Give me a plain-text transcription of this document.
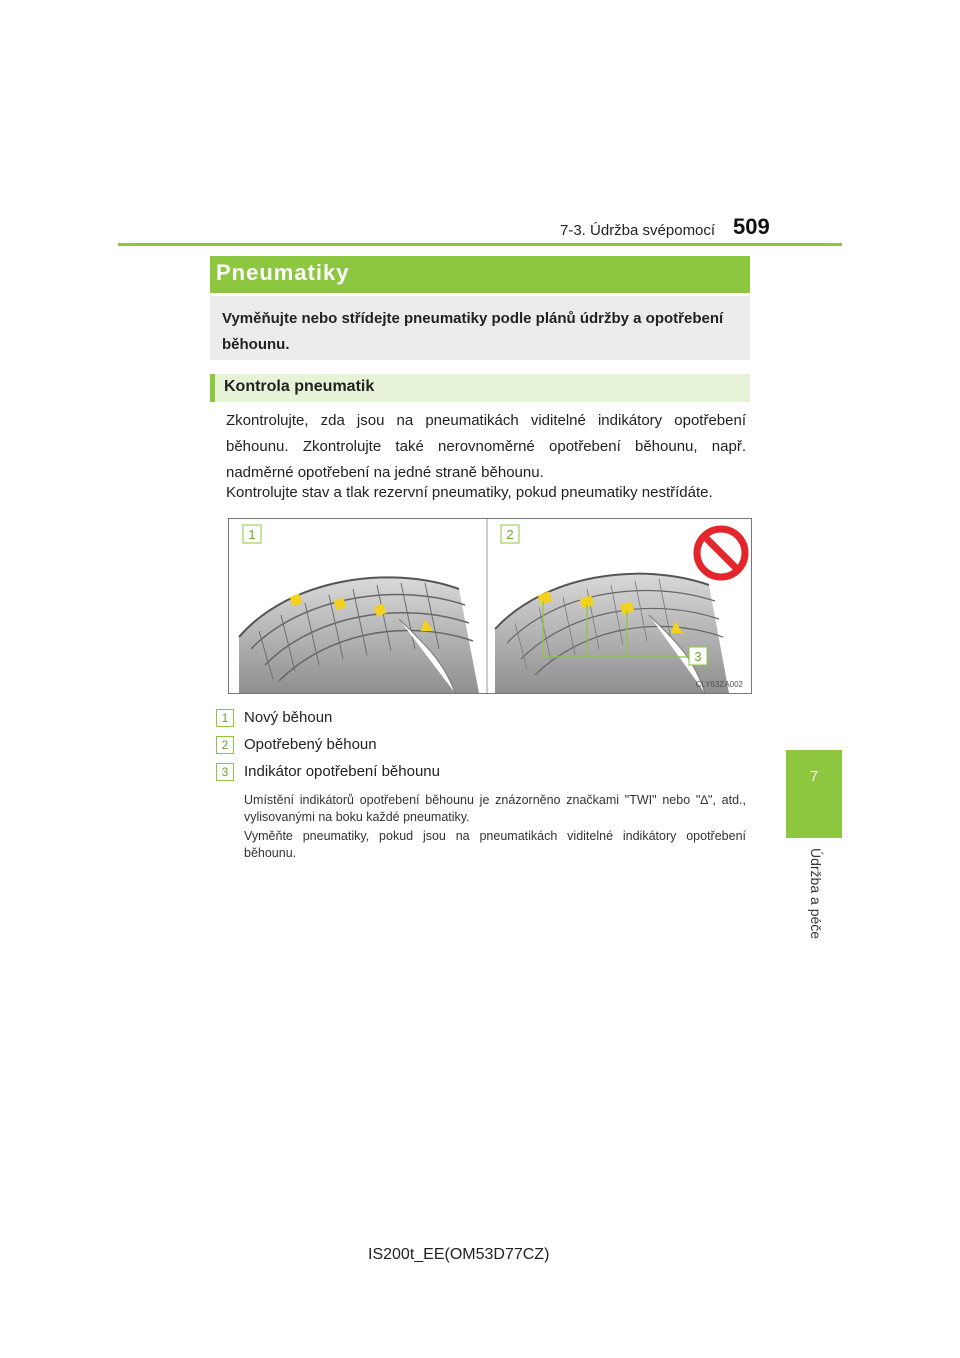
7-3. Údržba svépomocí 509
7
Údržba a péče
Pneumatiky
Vyměňujte nebo střídejte pneumatiky podle plánů údržby a opotřebení běhounu.
Kontrola pneumatik
Zkontrolujte, zda jsou na pneumatikách viditelné indikátory opotřebení běhounu. Zkontrolujte také nerovnoměrné opotřebení běhounu, např. nadměrné opotřebení na jedné straně běhounu.
Kontrolujte stav a tlak rezervní pneumatiky, pokud pneumatiky nestřídáte.
1	2
3
CLY63ZA002
1	Nový běhoun
2	Opotřebený běhoun
3	Indikátor opotřebení běhounu
Umístění indikátorů opotřebení běhounu je znázorněno značkami "TWI" nebo "∆", atd., vylisovanými na boku každé pneumatiky.
Vyměňte pneumatiky, pokud jsou na pneumatikách viditelné indikátory opotřebení běhounu.
IS200t_EE(OM53D77CZ)
